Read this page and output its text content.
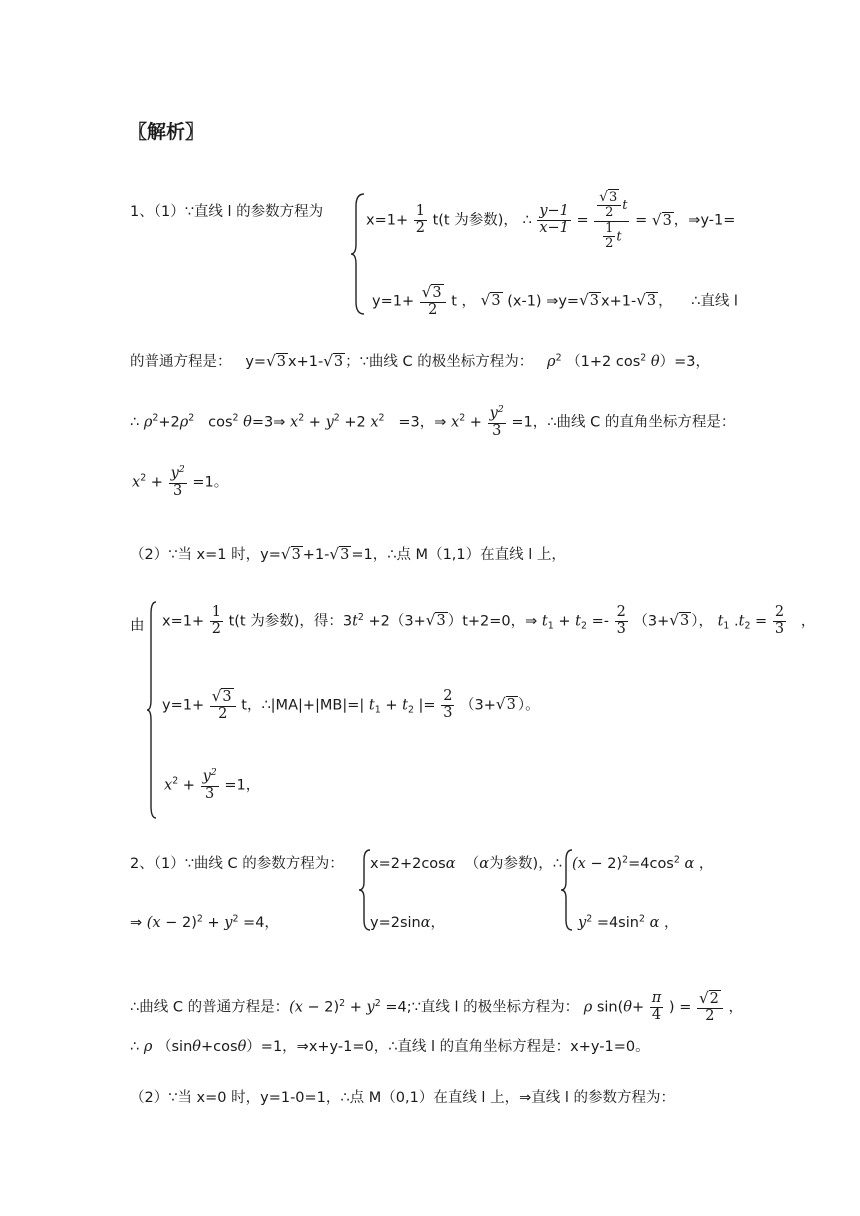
〖解析〗
1、（1）∵直线 l 的参数方程为
$x=1+ \frac{1}{2} t(t$ 为参数)， ∴ $\frac{y-1}{x-1} = \frac{\frac{√3}{2} t}{\frac{1}{2} t} = √3$ ，⇒y-1=
$y=1+ \frac{√3}{2}$ t ， √3 (x-1) ⇒y=√3 x+1-√3 ， ∴直线 l
的普通方程是： y=√3 x+1-√3 ；∵曲线 C 的极坐标方程为： $\rho^2$ （1+2 $\cos^2 \theta)=3$，
∴ $\rho^2+2\rho^2$ $\cos^2$ θ=3⇒ $x^2 + y^2 +2$ $x^2 =3$，⇒ $x^2 + \frac{y^2}{3} =1$，∴曲线 C 的直角坐标方程是：
$x^2 + \frac{y^2}{3} =1$。
（2）∵当 x=1 时，y=√3 +1-√3 =1，∴点 M（1,1）在直线 l 上，
由 $x=1+ \frac{1}{2} t(t$ 为参数)，得：$3t^2 +2(3+√3$ ）t+2=0，⇒ $t_1 + t_2 =- \frac{2}{3} (3+√3$ ）， $t_1$ $.t_2 = \frac{2}{3}$ ，
$y=1+ \frac{√3}{2}$ t，∴|MA|+|MB|=| $t_1 + t_2$ |= $\frac{2}{3} (3+√3$ ）。
$x^2 + \frac{y^2}{3} =1$，
2、（1）∵曲线 C 的参数方程为： x=2+2cosα （α为参数)，∴ $(x - 2)^2=4\cos^2$ α ，
⇒ $(x - 2)^2 + y^2 =4$，	y=2sinα，	$y^2 =4\sin^2$ α ，
∴曲线 C 的普通方程是：$(x - 2)^2 + y^2$ =4;∵直线 l 的极坐标方程为： ρ $\sin(\theta+ \frac{\pi}{4}$ ) = $\frac{√2}{2}$ ，
∴ ρ （sinθ+cosθ）=1，⇒x+y-1=0，∴直线 l 的直角坐标方程是：x+y-1=0。
（2）∵当 x=0 时，y=1-0=1，∴点 M（0,1）在直线 l 上，⇒直线 l 的参数方程为：
